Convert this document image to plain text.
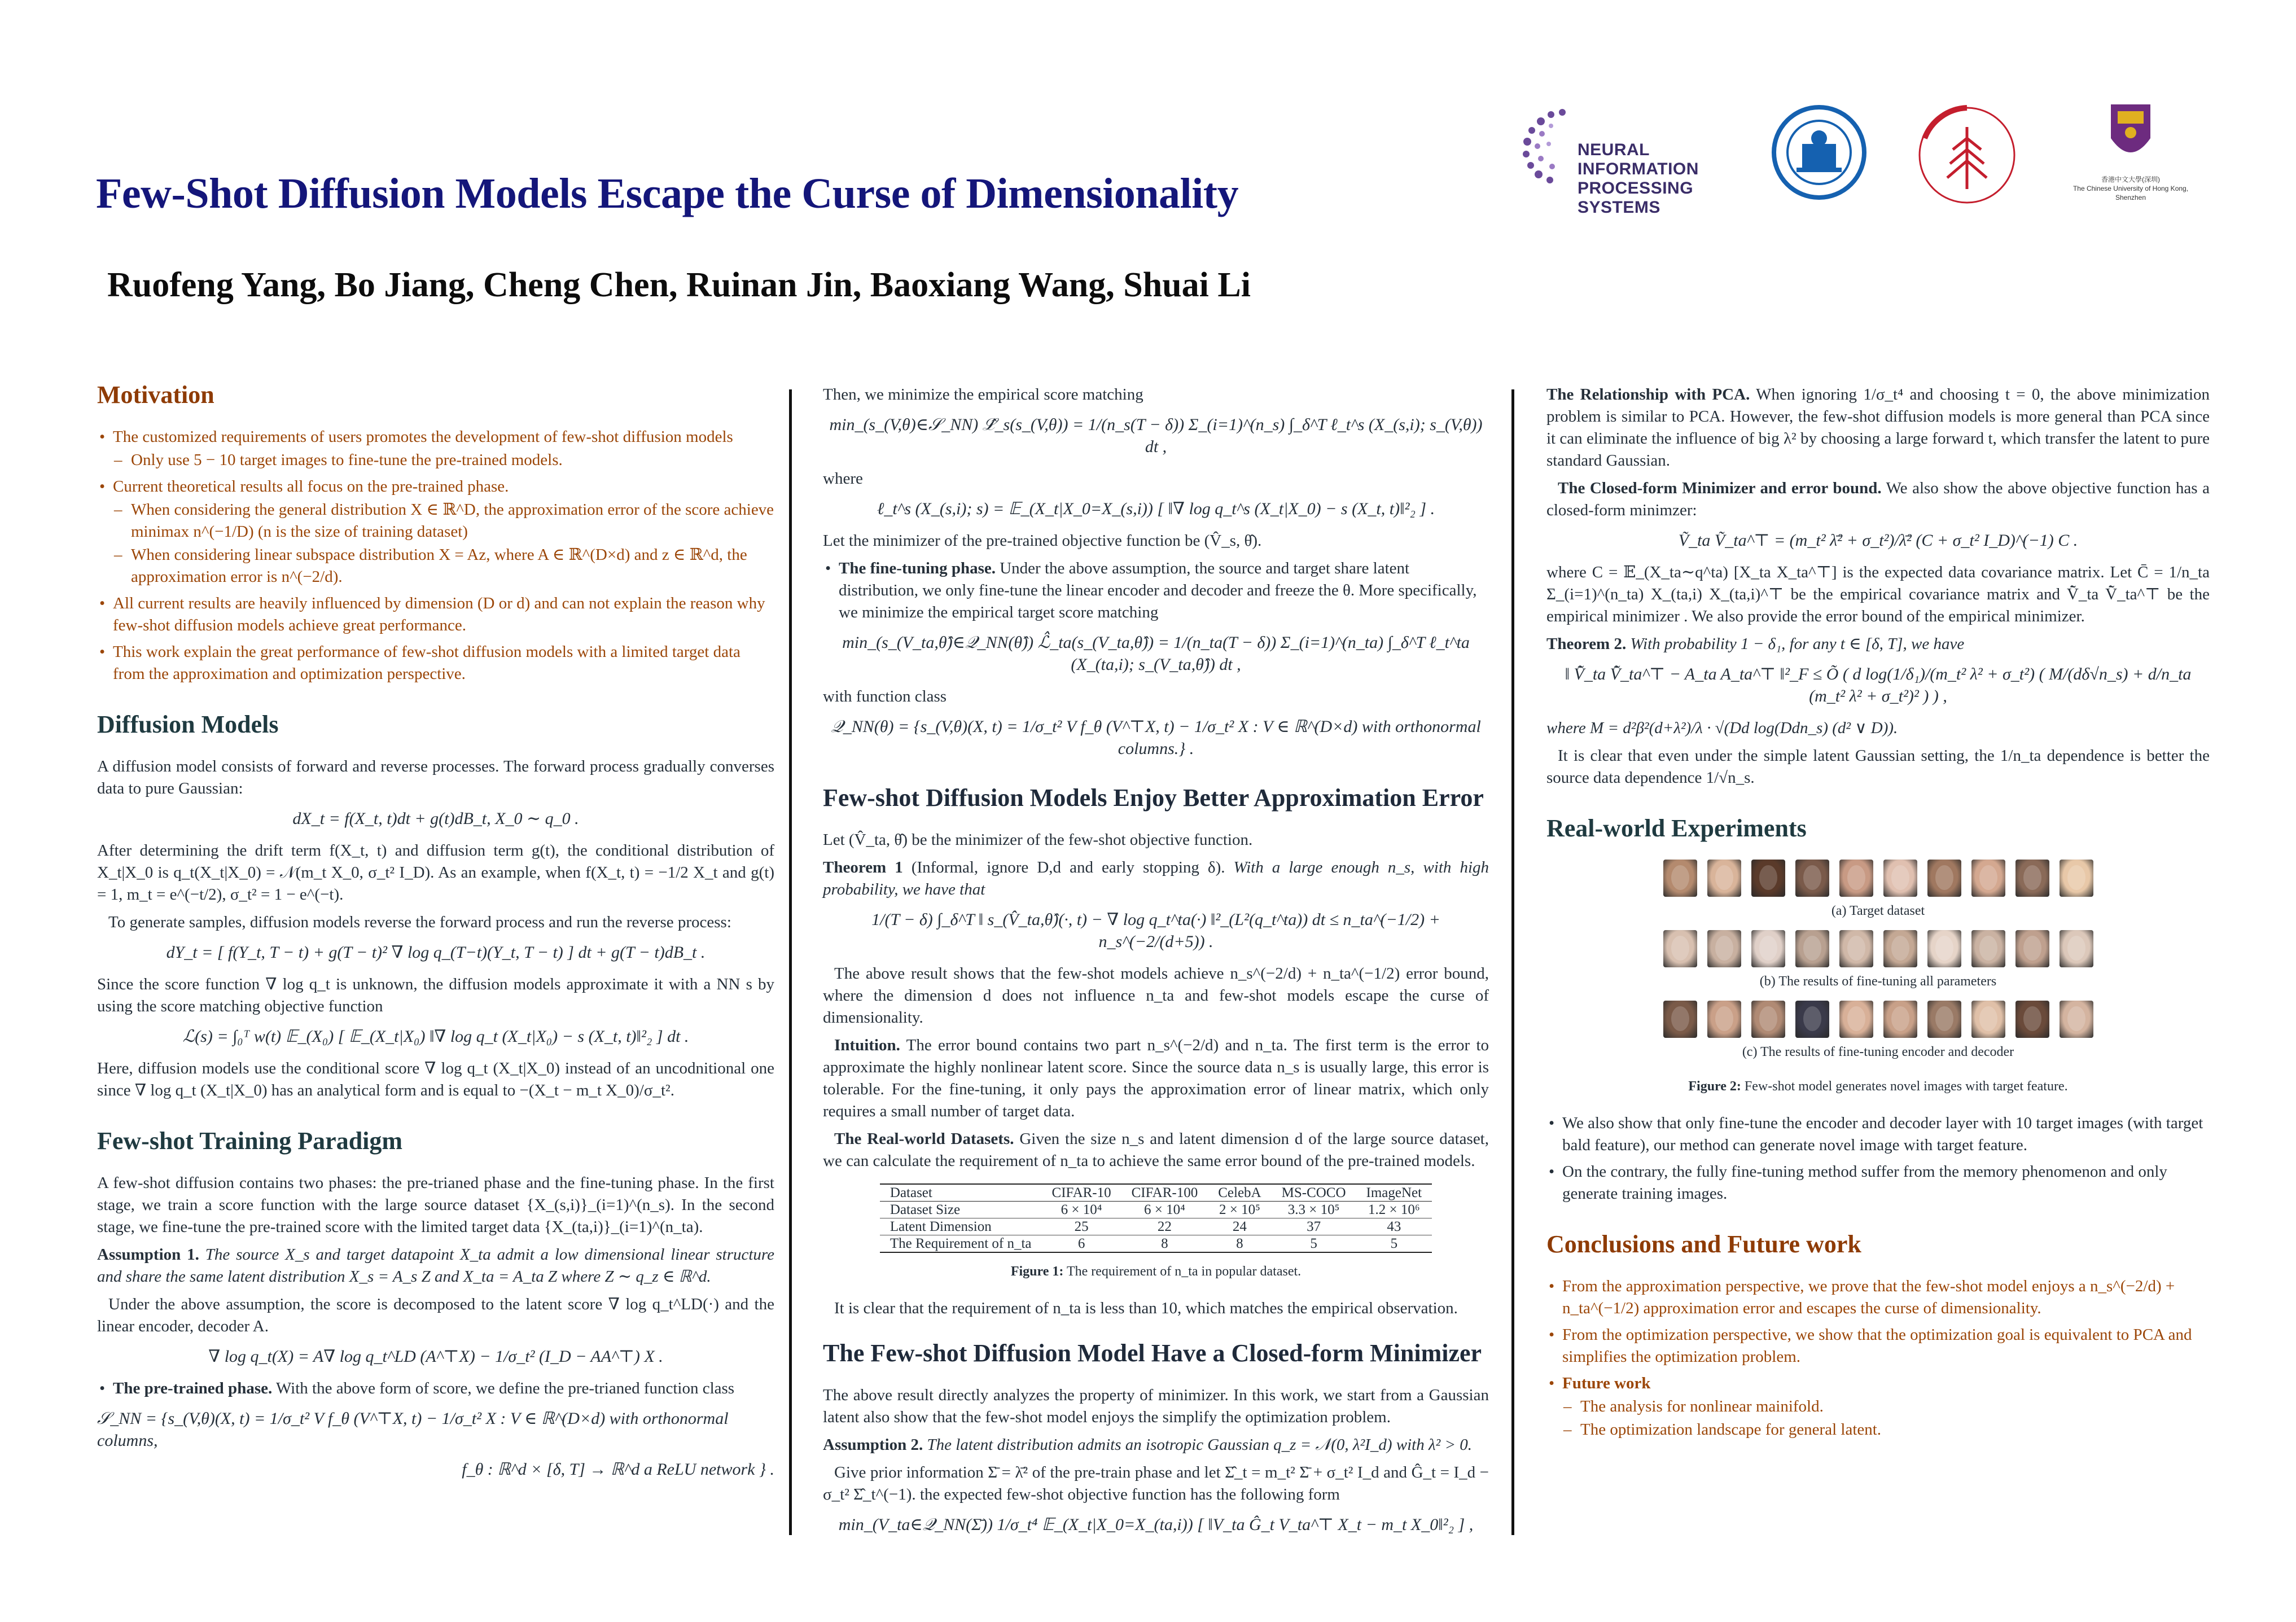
Few-Shot Diffusion Models Escape the Curse of Dimensionality
Ruofeng Yang, Bo Jiang, Cheng Chen, Ruinan Jin, Baoxiang Wang, Shuai Li
NEURAL INFORMATION
PROCESSING SYSTEMS
香港中文大學(深圳)
The Chinese University of Hong Kong, Shenzhen
Motivation
• The customized requirements of users promotes the development of few-shot diffusion models
– Only use 5 − 10 target images to fine-tune the pre-trained models.
• Current theoretical results all focus on the pre-trained phase.
– When considering the general distribution X ∈ ℝ^D, the approximation error of the score achieve minimax n^(−1/D) (n is the size of training dataset)
– When considering linear subspace distribution X = Az, where A ∈ ℝ^(D×d) and z ∈ ℝ^d, the approximation error is n^(−2/d).
• All current results are heavily influenced by dimension (D or d) and can not explain the reason why few-shot diffusion models achieve great performance.
• This work explain the great performance of few-shot diffusion models with a limited target data from the approximation and optimization perspective.
Diffusion Models

A diffusion model consists of forward and reverse processes. The forward process gradually converses data to pure Gaussian:

dX_t = f(X_t, t)dt + g(t)dB_t, X_0 ∼ q_0 .

After determining the drift term f(X_t, t) and diffusion term g(t), the conditional distribution of X_t|X_0 is q_t(X_t|X_0) = 𝒩(m_t X_0, σ_t² I_D). As an example, when f(X_t, t) = −1/2 X_t and g(t) = 1, m_t = e^(−t/2), σ_t² = 1 − e^(−t).

To generate samples, diffusion models reverse the forward process and run the reverse process:

dY_t = [ f(Y_t, T − t) + g(T − t)² ∇ log q_(T−t)(Y_t, T − t) ] dt + g(T − t)dB_t .

Since the score function ∇ log q_t is unknown, the diffusion models approximate it with a NN s by using the score matching objective function

ℒ(s) = ∫₀ᵀ w(t) 𝔼_(X₀) [ 𝔼_(X_t|X₀) ‖∇ log q_t (X_t|X₀) − s (X_t, t)‖²₂ ] dt .

Here, diffusion models use the conditional score ∇ log q_t (X_t|X_0) instead of an uncodnitional one since ∇ log q_t (X_t|X_0) has an analytical form and is equal to −(X_t − m_t X_0)/σ_t².

Few-shot Training Paradigm

A few-shot diffusion contains two phases: the pre-trianed phase and the fine-tuning phase. In the first stage, we train a score function with the large source dataset {X_(s,i)}_(i=1)^(n_s). In the second stage, we fine-tune the pre-trained score with the limited target data {X_(ta,i)}_(i=1)^(n_ta).

Assumption 1. The source X_s and target datapoint X_ta admit a low dimensional linear structure and share the same latent distribution X_s = A_s Z and X_ta = A_ta Z where Z ∼ q_z ∈ ℝ^d.

Under the above assumption, the score is decomposed to the latent score ∇ log q_t^LD(·) and the linear encoder, decoder A.

∇ log q_t(X) = A∇ log q_t^LD (A^⊤X) − 1/σ_t² (I_D − AA^⊤) X .
• The pre-trained phase. With the above form of score, we define the pre-trianed function class
𝒮_NN = {s_(V,θ)(X, t) = 1/σ_t² V f_θ (V^⊤X, t) − 1/σ_t² X : V ∈ ℝ^(D×d) with orthonormal columns,
f_θ : ℝ^d × [δ, T] → ℝ^d a ReLU network } .

Then, we minimize the empirical score matching

min_(s_(V,θ)∈𝒮_NN) ℒ̂_s(s_(V,θ)) = 1/(n_s(T − δ)) Σ_(i=1)^(n_s) ∫_δ^T ℓ_t^s (X_(s,i); s_(V,θ)) dt ,

where

ℓ_t^s (X_(s,i); s) = 𝔼_(X_t|X_0=X_(s,i)) [ ‖∇ log q_t^s (X_t|X_0) − s (X_t, t)‖²₂ ] .

Let the minimizer of the pre-trained objective function be (V̂_s, θ̂).

• The fine-tuning phase. Under the above assumption, the source and target share latent distribution, we only fine-tune the linear encoder and decoder and freeze the θ. More specifically, we minimize the empirical target score matching
min_(s_(V_ta,θ̂)∈𝒬_NN(θ̂)) ℒ̂_ta(s_(V_ta,θ̂)) = 1/(n_ta(T − δ)) Σ_(i=1)^(n_ta) ∫_δ^T ℓ_t^ta (X_(ta,i); s_(V_ta,θ̂)) dt ,

with function class

𝒬_NN(θ) = {s_(V,θ)(X, t) = 1/σ_t² V f_θ (V^⊤X, t) − 1/σ_t² X : V ∈ ℝ^(D×d) with orthonormal columns.} .
Few-shot Diffusion Models Enjoy Better Approximation Error

Let (V̂_ta, θ̂) be the minimizer of the few-shot objective function.

Theorem 1 (Informal, ignore D,d and early stopping δ). With a large enough n_s, with high probability, we have that

1/(T − δ) ∫_δ^T ‖ s_(V̂_ta,θ̂)(·, t) − ∇ log q_t^ta(·) ‖²_(L²(q_t^ta)) dt ≤ n_ta^(−1/2) + n_s^(−2/(d+5)) .

The above result shows that the few-shot models achieve n_s^(−2/d) + n_ta^(−1/2) error bound, where the dimension d does not influence n_ta and few-shot models escape the curse of dimensionality.

Intuition. The error bound contains two part n_s^(−2/d) and n_ta. The first term is the error to approximate the highly nonlinear latent score. Since the source data n_s is usually large, this error is tolerable. For the fine-tuning, it only pays the approximation error of linear matrix, which only requires a small number of target data.

The Real-world Datasets. Given the size n_s and latent dimension d of the large source dataset, we can calculate the requirement of n_ta to achieve the same error bound of the pre-trained models.

Dataset	CIFAR-10	CIFAR-100	CelebA	MS-COCO	ImageNet
Dataset Size	6 × 10⁴	6 × 10⁴	2 × 10⁵	3.3 × 10⁵	1.2 × 10⁶
Latent Dimension	25	22	24	37	43
The Requirement of n_ta	6	8	8	5	5
Figure 1: The requirement of n_ta in popular dataset.

It is clear that the requirement of n_ta is less than 10, which matches the empirical observation.

The Few-shot Diffusion Model Have a Closed-form Minimizer

The above result directly analyzes the property of minimizer. In this work, we start from a Gaussian latent also show that the few-shot model enjoys the simplify the optimization problem.

Assumption 2. The latent distribution admits an isotropic Gaussian q_z = 𝒩(0, λ²I_d) with λ² > 0.

Give prior information Σ̄ = λ̄² of the pre-train phase and let Σ̂_t = m_t² Σ̄ + σ_t² I_d and Ĝ_t = I_d − σ_t² Σ̂_t^(−1). the expected few-shot objective function has the following form

min_(V_ta∈𝒬_NN(Σ̄)) 1/σ_t⁴ 𝔼_(X_t|X_0=X_(ta,i)) [ ‖V_ta Ĝ_t V_ta^⊤ X_t − m_t X_0‖²₂ ] ,

The Relationship with PCA. When ignoring 1/σ_t⁴ and choosing t = 0, the above minimization problem is similar to PCA. However, the few-shot diffusion models is more general than PCA since it can eliminate the influence of big λ² by choosing a large forward t, which transfer the latent to pure standard Gaussian.

The Closed-form Minimizer and error bound. We also show the above objective function has a closed-form minimzer:

Ṽ_ta Ṽ_ta^⊤ = (m_t² λ̄² + σ_t²)/λ̄² (C + σ_t² I_D)^(−1) C .

where C = 𝔼_(X_ta∼q^ta) [X_ta X_ta^⊤] is the expected data covariance matrix. Let C̄ = 1/n_ta Σ_(i=1)^(n_ta) X_(ta,i) X_(ta,i)^⊤ be the empirical covariance matrix and V̄̃_ta V̄̃_ta^⊤ be the empirical minimizer . We also provide the error bound of the empirical minimizer.

Theorem 2. With probability 1 − δ₁, for any t ∈ [δ, T], we have

‖ V̄̃_ta V̄̃_ta^⊤ − A_ta A_ta^⊤ ‖²_F ≤ Õ ( d log(1/δ₁)/(m_t² λ² + σ_t²) ( M/(dδ√n_s) + d/n_ta (m_t² λ² + σ_t²)² ) ) ,

where M = d²β²(d+λ²)/λ · √(Dd log(Ddn_s) (d² ∨ D)).

It is clear that even under the simple latent Gaussian setting, the 1/n_ta dependence is better the source data dependence 1/√n_s.

Real-world Experiments
(a) Target dataset
(b) The results of fine-tuning all parameters
(c) The results of fine-tuning encoder and decoder
Figure 2: Few-shot model generates novel images with target feature.
• We also show that only fine-tune the encoder and decoder layer with 10 target images (with target bald feature), our method can generate novel image with target feature.
• On the contrary, the fully fine-tuning method suffer from the memory phenomenon and only generate training images.
Conclusions and Future work
• From the approximation perspective, we prove that the few-shot model enjoys a n_s^(−2/d) + n_ta^(−1/2) approximation error and escapes the curse of dimensionality.
• From the optimization perspective, we show that the optimization goal is equivalent to PCA and simplifies the optimization problem.
• Future work
– The analysis for nonlinear mainifold.
– The optimization landscape for general latent.
